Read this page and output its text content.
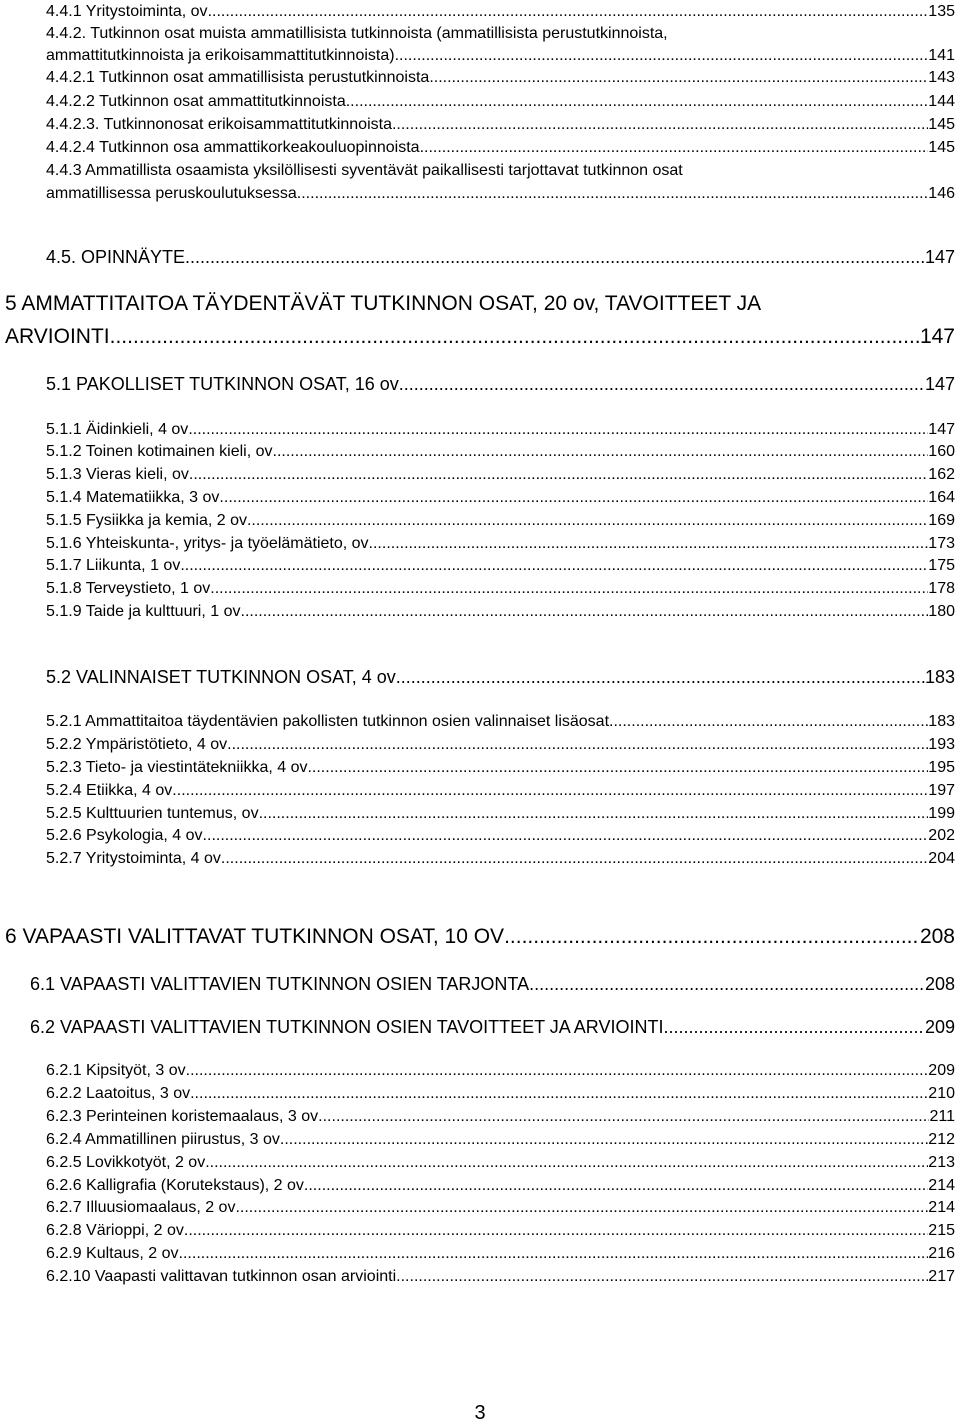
4.4.1 Yritystoiminta, ov .....	135
4.4.2. Tutkinnon osat muista ammatillisista tutkinnoista (ammatillisista perustutkinnoista,
ammattitutkinnoista ja erikoisammattitutkinnoista). .....	141
4.4.2.1 Tutkinnon osat ammatillisista perustutkinnoista .....	143
4.4.2.2 Tutkinnon osat ammattitutkinnoista .....	144
4.4.2.3. Tutkinnonosat erikoisammattitutkinnoista .....	145
4.4.2.4 Tutkinnon osa ammattikorkeakouluopinnoista .....	145
4.4.3 Ammatillista osaamista yksilöllisesti syventävät paikallisesti tarjottavat tutkinnon osat
ammatillisessa peruskoulutuksessa .....	146
4.5. OPINNÄYTE .....	147
5 AMMATTITAITOA TÄYDENTÄVÄT TUTKINNON OSAT, 20 ov, TAVOITTEET JA
ARVIOINTI .....	147
5.1 PAKOLLISET TUTKINNON OSAT, 16 ov .....	147
5.1.1 Äidinkieli, 4 ov .....	147
5.1.2 Toinen kotimainen kieli, ov .....	160
5.1.3 Vieras kieli, ov .....	162
5.1.4 Matematiikka, 3 ov .....	164
5.1.5 Fysiikka ja kemia, 2 ov .....	169
5.1.6 Yhteiskunta-, yritys- ja työelämätieto, ov .....	173
5.1.7 Liikunta, 1 ov .....	175
5.1.8 Terveystieto, 1 ov .....	178
5.1.9 Taide ja kulttuuri, 1 ov .....	180
5.2 VALINNAISET TUTKINNON OSAT, 4 ov .....	183
5.2.1 Ammattitaitoa täydentävien pakollisten tutkinnon osien valinnaiset lisäosat .....	183
5.2.2 Ympäristötieto, 4 ov .....	193
5.2.3 Tieto- ja viestintätekniikka, 4 ov .....	195
5.2.4 Etiikka, 4 ov .....	197
5.2.5 Kulttuurien tuntemus, ov .....	199
5.2.6 Psykologia, 4 ov .....	202
5.2.7 Yritystoiminta, 4 ov .....	204
6 VAPAASTI VALITTAVAT TUTKINNON OSAT, 10 OV .....	208
6.1 VAPAASTI VALITTAVIEN TUTKINNON OSIEN TARJONTA .....	208
6.2 VAPAASTI VALITTAVIEN TUTKINNON OSIEN TAVOITTEET JA ARVIOINTI .....	209
6.2.1 Kipsityöt, 3 ov .....	209
6.2.2 Laatoitus, 3 ov .....	210
6.2.3 Perinteinen koristemaalaus, 3 ov .....	211
6.2.4 Ammatillinen piirustus, 3 ov .....	212
6.2.5 Lovikkotyöt, 2 ov .....	213
6.2.6 Kalligrafia (Korutekstaus), 2 ov .....	214
6.2.7 Illuusiomaalaus, 2 ov .....	214
6.2.8 Värioppi, 2 ov .....	215
6.2.9 Kultaus, 2 ov .....	216
6.2.10 Vaapasti valittavan tutkinnon osan arviointi .....	217
3
